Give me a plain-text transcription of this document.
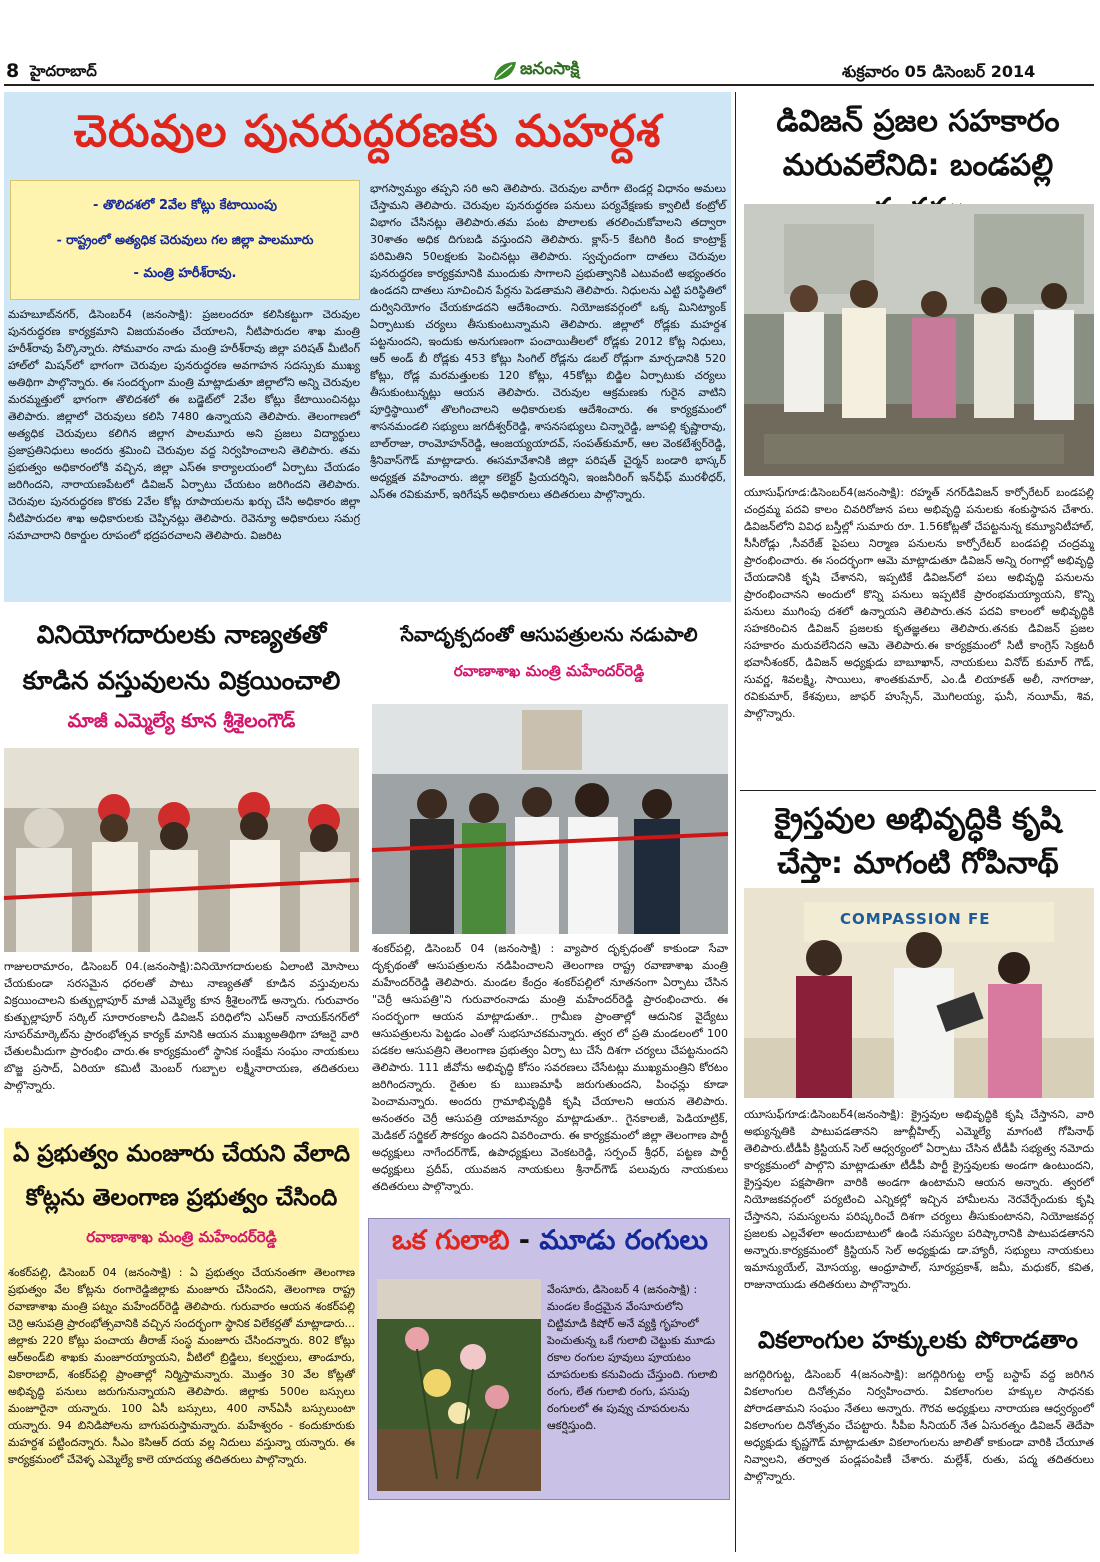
8 హైదరాబాద్	జనంసాక్షి	శుక్రవారం 05 డిసెంబర్ 2014
చెరువుల పునరుద్దరణకు మహర్దశ
- తొలిదశలో 2వేల కోట్లు కేటాయింపు
- రాష్ట్రంలో అత్యధిక చెరువులు గల జిల్లా పాలమూరు
- మంత్రి హరీశ్‌రావు.
మహబూబ్‌నగర్, డిసెంబర్4 (జనంసాక్షి): ప్రజలందరూ కలిసికట్టుగా చెరువుల పునరుద్ధరణ కార్యక్రమాని విజయవంతం చేయాలని, నీటిపారుదల శాఖ మంత్రి హరీశ్‌రావు పేర్కొన్నారు. సోమవారం నాడు మంత్రి హరీశ్‌రావు జిల్లా పరిషత్ మీటింగ్ హాల్‌లో మిషన్‌లో భాగంగా చెరువుల పునరుద్ధరణ అవగాహన సదస్సుకు ముఖ్య అతిథిగా పాల్గొన్నారు. ఈ సందర్భంగా మంత్రి మాట్లాడుతూ జిల్లాలోని అన్ని చెరువుల మరమ్మత్తులో భాగంగా తొలిదశలో ఈ బడ్జెట్‌లో 2వేల కోట్లు కేటాయించినట్లు తెలిపారు. జిల్లాలో చెరువులు కలిసి 7480 ఉన్నాయని తెలిపారు. తెలంగాణలో అత్యధిక చెరువులు కలిగిన జిల్లాగ పాలమూరు అని ప్రజలు విద్యార్థులు ప్రజాప్రతినిధులు అందరు శ్రమించి చెరువుల వద్ద నిర్వహించాలని తెలిపారు. తమ ప్రభుత్వం అధికారంలోకి వచ్చిన, జిల్లా ఎస్‌ఈ కార్యాలయంలో ఏర్పాటు చేయడం జరిగిందని, నారాయణపేటలో డివిజన్ ఏర్పాటు చేయటం జరిగిందని తెలిపారు. చెరువుల పునరుద్ధరణ కొరకు 2వేల కోట్ల రూపాయలను ఖర్చు చేసి అధికారం జిల్లా నీటిపారుదల శాఖ అధికారులకు చెప్పినట్లు తెలిపారు. రెవెన్యూ అధికారులు సమగ్ర సమాచారాని రికార్డుల రూపంలో భద్రపరచాలని తెలిపారు. విజరిట
భాగస్వామ్యం తప్పని సరి అని తెలిపారు. చెరువుల వారీగా టెండర్ల విధానం అమలు చేస్తామని తెలిపారు. చెరువుల పునరుద్ధరణ పనులు పర్యవేక్షణకు క్వాలిటీ కంట్రోల్ విభాగం చేసినట్లు తెలిపారు.తమ పంట పొలాలకు తరలించుకోవాలని తద్వారా 30శాతం అధిక దిగుబడి వస్తుందని తెలిపారు. క్లాస్-5 కేటగిరి కింద కాంట్రాక్ట్ పరిమితిని 50లక్షలకు పెంచినట్లు తెలిపారు. స్వచ్ఛందంగా దాతలు చెరువుల పునరుద్ధరణ కార్యక్రమానికి ముందుకు సాగాలని ప్రభుత్వానికి ఎటువంటి అభ్యంతరం ఉండదని దాతలు సూచించిన పేర్లను పెడతామని తెలిపారు. నిధులను ఎట్టి పరిస్థితిలో దుర్వినియోగం చేయకూడదని ఆదేశించారు. నియోజకవర్గంలో ఒక్క మినిట్యాంక్ ఏర్పాటుకు చర్యలు తీసుకుంటున్నామని తెలిపారు. జిల్లాలో రోడ్లకు మహర్దశ పట్టనుందని, ఇందుకు అనుగుణంగా పంచాయితీలలో రోడ్లకు 2012 కోట్ల నిధులు, ఆర్ అండ్ బీ రోడ్లకు 453 కోట్లు సింగిల్ రోడ్లను డబల్ రోడ్లుగా మార్చడానికి 520 కోట్లు, రోడ్ల మరమత్తులకు 120 కోట్లు, 45కోట్లు బిడ్జిల ఏర్పాటుకు చర్యలు తీసుకుంటున్నట్లు ఆయన తెలిపారు. చెరువుల ఆక్రమణకు గురైన వాటిని పూర్తిస్థాయిలో తొలగించాలని అధికారులకు ఆదేశించారు. ఈ కార్యక్రమంలో శాసనమండలి సభ్యులు జగదీశ్వర్‌రెడ్డి, శాసనసభ్యులు చిన్నారెడ్డి, జూపల్లి కృష్ణారావు, బాల్‌రాజు, రాంమోహన్‌రెడ్డి, ఆంజయ్యయాదవ్, సంపత్‌కుమార్, ఆల వెంకటేశ్వర్‌రెడ్డి, శ్రీనివాస్‌గౌడ్ మాట్లాడారు. ఈసమావేశానికి జిల్లా పరిషత్ చైర్మన్ బండారి భాస్కర్ అధ్యక్షత వహించారు. జిల్లా కలెక్టర్ ప్రియదర్శిని, ఇంజనీరింగ్ ఇన్‌ఛీఫ్ మురళీధర్, ఎస్‌ఈ రవికుమార్, ఇరిగేషన్ అధికారులు తదితరులు పాల్గొన్నారు.
డివిజన్ ప్రజల సహకారం మరువలేనిది: బండపల్లి
యూసుఫ్‌గూడ:డిసెంబర్4(జనంసాక్షి): రహ్మత్ నగర్‌డివిజన్ కార్పోరేటర్ బండపల్లి చంద్రమ్మ పదవి కాలం చివరిరోజున పలు అభివృద్ధి పనులకు శంకుస్థాపన చేశారు. డివిజన్‌లోని వివిధ బస్తీల్లో సుమారు రూ. 1.56కోట్లతో చేపట్టనున్న కమ్యూనిటీహాల్, సీసీరోడ్లు ,సీవరేజ్ పైపలు నిర్మాణ పనులను కార్పోరేటర్ బండపల్లి చంద్రమ్మ ప్రారంభించారు. ఈ సందర్భంగా ఆమె మాట్లాడుతూ డివిజన్ అన్ని రంగాల్లో అభివృద్ధి చేయడానికి కృషి చేశానని, ఇప్పటికే డివిజన్‌లో పలు అభివృద్ధి పనులను ప్రారంభించానని అందులో కొన్ని పనులు ఇప్పటికే ప్రారంభమయ్యాయని, కొన్ని పనులు ముగింపు దశలో ఉన్నాయని తెలిపారు.తన పదవి కాలంలో అభివృద్ధికి సహకరించిన డివిజన్ ప్రజలకు కృతజ్ఞతలు తెలిపారు.తనకు డివిజన్ ప్రజల సహకారం మరువలేనిదని ఆమె తెలిపారు.ఈ కార్యక్రమంలో సిటీ కాంగ్రెస్ సెక్రటరీ భవానీశంకర్, డివిజన్ అధ్యక్షుడు బాబూఖాన్, నాయకులు వినోద్ కుమార్ గౌడ్, సువర్ణ, శివలక్ష్మి, సాయిలు, శాంతకుమార్, ఎం.డీ లియాకత్ అలీ, నాగరాజు, రవికుమార్, కేశవులు, జాఫర్ హుస్సేన్, మొగిలయ్య, ఘనీ, నయీమ్, శివ, పాల్గొన్నారు.
క్రైస్తవుల అభివృద్ధికి కృషి చేస్తా: మాగంటి గోపినాథ్
COMPASSION FE
యూసుఫ్‌గూడ:డిసెంబర్4(జనంసాక్షి): క్రైస్తవుల అభివృద్ధికి కృషి చేస్తానని, వారి అభ్యున్నతికి పాటుపడతానని జూబ్లీహిల్స్ ఎమ్మెల్యే మాగంటి గోపినాథ్ తెలిపారు.టీడీపీ క్రిస్టియన్ సెల్ ఆధ్వర్యంలో ఏర్పాటు చేసిన టీడీపీ సభ్యత్వ నమోదు కార్యక్రమంలో పాల్గొని మాట్లాడుతూ టీడీపీ పార్టీ క్రైస్తవులకు అండగా ఉంటుందని, క్రైస్తవుల పక్షపాతిగా వారికి అండగా ఉంటామని ఆయన అన్నారు. త్వరలో నియోజకవర్గంలో పర్యటించి ఎన్నికల్లో ఇచ్చిన హామీలను నెరవేర్చేందుకు కృషి చేస్తానని, సమస్యలను పరిష్కరించే దిశగా చర్యలు తీసుకుంటానని, నియోజకవర్గ ప్రజలకు ఎల్లవేళలా అందుబాటులో ఉండి సమస్యల పరిష్కారానికి పాటుపడతానని అన్నారు.కార్యక్రమంలో క్రిస్టియన్ సెల్ అధ్యక్షుడు డా.హ్యారీ, సభ్యులు నాయకులు ఇమాన్యుయేల్, మోసయ్య, ఆంధ్రూపాల్, సూర్యప్రకాశ్, జమీ, మధుకర్, కవిత, రాజునాయుడు తదితరులు పాల్గొన్నారు.
వికలాంగుల హక్కులకు పోరాడతాం
జగద్గిరిగుట్ట, డిసెంబర్ 4(జనంసాక్షి): జగద్గిరిగుట్ట లాస్ట్ బస్టాప్ వద్ద జరిగిన వికలాంగుల దినోత్సవం నిర్వహించారు. వికలాంగుల హక్కుల సాధనకు పోరాడతామని సంఘం నేతలు అన్నారు. గౌరవ అధ్యక్షులు నారాయణ ఆధ్వర్యంలో వికలాంగుల దినోత్సవం చేపట్టారు. సీపీఐ సీనియర్ నేత ఏసురత్నం డివిజన్ తెదేపా అధ్యక్షుడు కృష్ణగౌడ్ మాట్లాడుతూ వికలాంగులను జాలితో కాకుండా వారికి చేయూత నివ్వాలని, తర్వాత పండ్లపంపిణీ చేశారు. మల్లేశ్, రుతు, పద్మ తదితరులు పాల్గొన్నారు.
వినియోగదారులకు నాణ్యతతో కూడిన వస్తువులను విక్రయించాలి
మాజీ ఎమ్మెల్యే కూన శ్రీశైలంగౌడ్
గాజులరామారం, డిసెంబర్ 04.(జనంసాక్షి):వినియోగదారులకు ఏలాంటి మోసాలు చేయకుండా సరసమైన ధరలతో పాటు నాణ్యతతో కూడిన వస్తువులను విక్రయించాలని కుత్బుల్లాపూర్ మాజీ ఎమ్మెల్యే కూన శ్రీశైలంగౌడ్ అన్నారు. గురువారం కుత్బుల్లాపూర్ సర్కిల్ సూరారంకాలనీ డివిజన్ పరిధిలోని ఎస్‌ఆర్ నాయక్‌నగర్‌లో సూపర్‌మార్కెట్‌ను ప్రారంభోత్సవ కార్యక్ మానికి ఆయన ముఖ్యఅతిథిగా హాజరై వారి చేతులమీదుగా ప్రారంభిం చారు.ఈ కార్యక్రమంలో స్థానిక సంక్షేమ సంఘం నాయకులు బొజ్జ ప్రసాద్, ఏరియా కమిటీ మెంబర్ గుబ్బాల లక్ష్మీనారాయణ, తదితరులు పాల్గొన్నారు.
సేవాదృక్పదంతో ఆసుపత్రులను నడుపాలి
రవాణాశాఖ మంత్రి మహేందర్‌రెడ్డి
శంకర్‌పల్లి, డిసెంబర్ 04 (జనంసాక్షి) : వ్యాపార దృక్పధంతో కాకుండా సేవా దృక్పథంతో ఆసుపత్రులను నడిపించాలని తెలంగాణ రాష్ట్ర రవాణాశాఖ మంత్రి మహేందర్‌రెడ్డి తెలిపారు. మండల కేంద్రం శంకర్‌పల్లిలో నూతనంగా ఏర్పాటు చేసిన "చెర్రీ ఆసుపత్రి"ని గురువారంనాడు మంత్రి మహేందర్‌రెడ్డి ప్రారంభించారు. ఈ సందర్భంగా ఆయన మాట్లాడుతూ.. గ్రామీణ ప్రాంతాల్లో ఆదునిక వైద్యేటు ఆసుపత్రులను పెట్టడం ఎంతో సుభసూచకమన్నారు. త్వర లో ప్రతి మండలంలో 100 పడకల ఆసుపత్రిని తెలంగాణ ప్రభుత్వం ఏర్పా టు చేసే దిశగా చర్యలు చేపట్టనుందని తెలిపారు. 111 జీవోను అభివృద్ధి కోసం సవరణలు చేసేటట్లు ముఖ్యమంత్రిని కోరటం జరిగిందన్నారు. రైతుల కు ఋణమాఫీ జరుగుతుందని, పింఛన్లు కూడా పెంచామన్నారు. అందరు గ్రామాభివృద్ధికి కృషి చేయాలని ఆయన తెలిపారు. అనంతరం చెర్రీ ఆసుపత్రి యాజమాన్యం మాట్లాడుతూ.. గైనకాలజీ, పెడియాట్రిక్, మెడికల్ సర్జికల్ సౌకర్యం ఉందని వివరించారు. ఈ కార్యక్రమంలో జిల్లా తెలంగాణ పార్టీ అధ్యక్షులు నాగేందర్‌గౌడ్, ఉపాధ్యక్షులు వెంకటరెడ్డి, సర్పంచ్ శ్రీధర్, పట్టణ పార్టీ అధ్యక్షులు ప్రదీప్, యువజన నాయకులు శ్రీనాద్‌గౌడ్ పలువురు నాయకులు తదితరులు పాల్గొన్నారు.
ఏ ప్రభుత్వం మంజూరు చేయని వేలాది కోట్లను తెలంగాణ ప్రభుత్వం చేసింది
రవాణాశాఖ మంత్రి మహేందర్‌రెడ్డి
శంకర్‌పల్లి, డిసెంబర్ 04 (జనంసాక్షి) : ఏ ప్రభుత్వం చేయనంతగా తెలంగాణ ప్రభుత్వం వేల కోట్లను రంగారెడ్డిజిల్లాకు మంజూరు చేసిందని, తెలంగాణ రాష్ట్ర రవాణాశాఖ మంత్రి పట్నం మహేందర్‌రెడ్డి తెలిపారు. గురువారం ఆయన శంకర్‌పల్లి చెర్రి ఆసుపత్రి ప్రారంభోత్సవానికి వచ్చిన సందర్భంగా స్థానిక విలేకర్లతో మాట్లాడారు... జిల్లాకు 220 కోట్లు పంచాయ తీరాజ్ సంస్థ మంజూరు చేసిందన్నారు. 802 కోట్లు ఆర్‌అండ్‌బి శాఖకు మంజూరయ్యాయని, వీటిలో బ్రిడ్జిలు, కల్వర్టులు, తాండూరు, వికారాబాద్, శంకర్‌పల్లి ప్రాంతాల్లో నిర్మిస్తామన్నారు. మొత్తం 30 వేల కోట్లతో అభివృద్ధి పనులు జరుగునున్నాయని తెలిపారు. జిల్లాకు 500ల బస్సులు మంజూరైనా యన్నారు. 100 ఏసీ బస్సులు, 400 నాన్‌ఏసీ బస్సులుంటా యన్నారు. 94 బినిడిపోలను బాగుపరుస్తామన్నారు. మహేశ్వరం - కందుకూరుకు మహర్దశ పట్టిందన్నారు. సీఎం కెసిఆర్ దయ వల్ల నిదులు వస్తున్నా యన్నారు. ఈ కార్యక్రమంలో చేవెళ్ళ ఎమ్మెల్యే కాలె యాదయ్య తదితరులు పాల్గొన్నారు.
ఒక గులాబి - మూడు రంగులు
వేంసూరు, డిసెంబర్ 4 (జనంసాక్షి) : మండల కేంద్రమైన వేంసూరులోని చిట్టిమాడి కిషోర్ అనే వ్యక్తి గృహంలో పెంచుతున్న ఒకే గులాబి చెట్టుకు మూడు రకాల రంగుల పూవులు పూయటం చూపరులకు కనువిందు చేస్తుంది. గులాబి రంగు, లేత గులాబి రంగు, పసుపు రంగులలో ఈ పువ్వు చూపరులను ఆకర్షిస్తుంది.
